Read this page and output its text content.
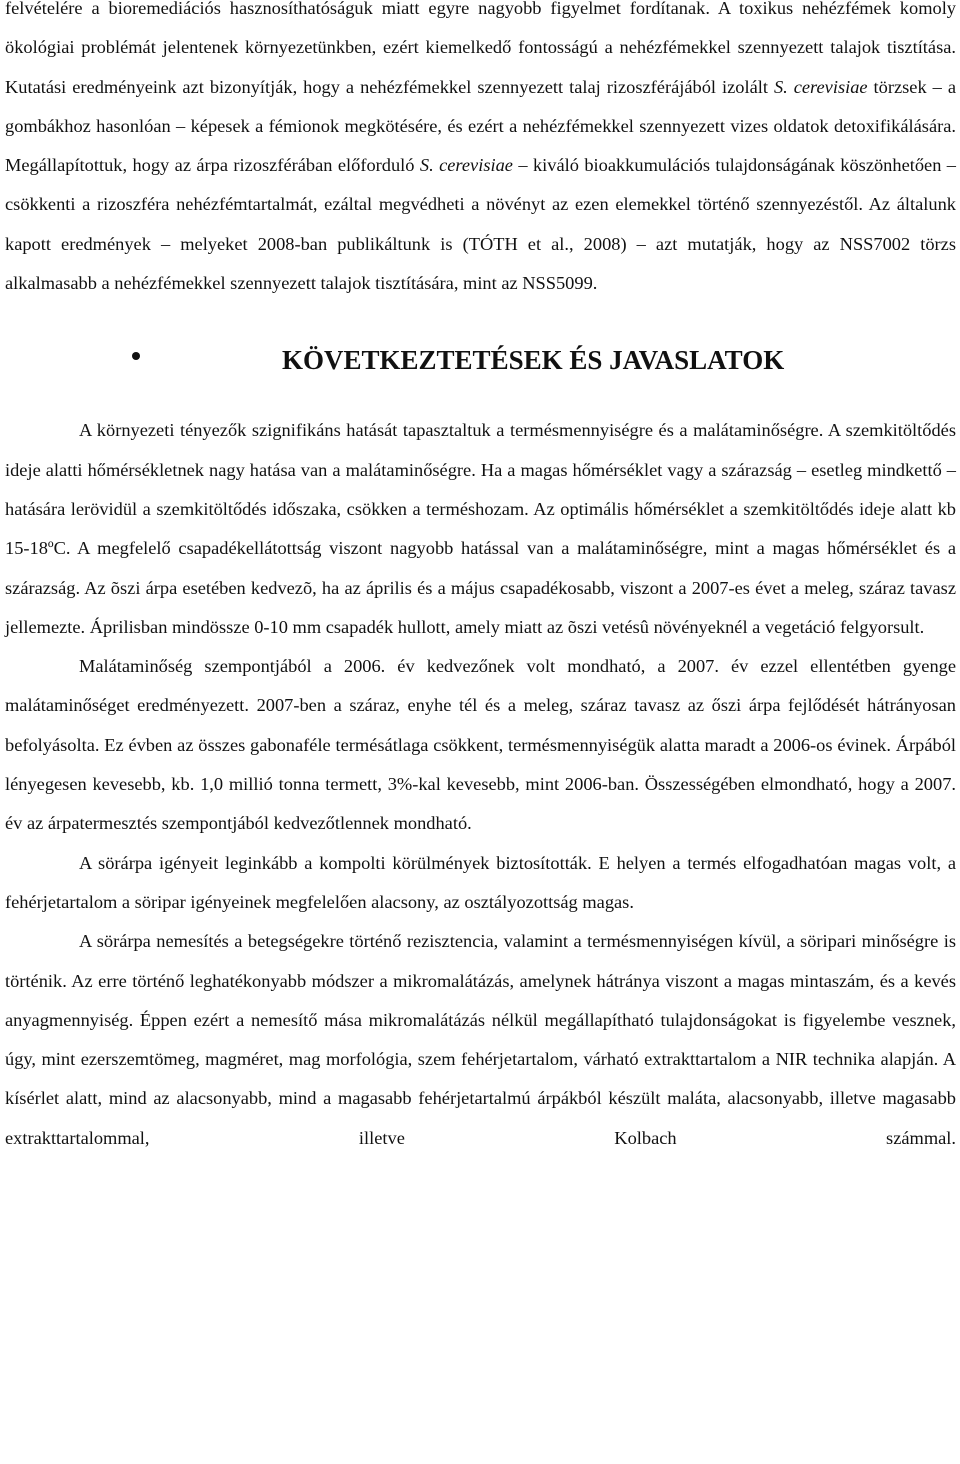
felvételére a bioremediációs hasznosíthatóságuk miatt egyre nagyobb figyelmet fordítanak. A toxikus nehézfémek komoly ökológiai problémát jelentenek környezetünkben, ezért kiemelkedő fontosságú a nehézfémekkel szennyezett talajok tisztítása. Kutatási eredményeink azt bizonyítják, hogy a nehézfémekkel szennyezett talaj rizoszférájából izolált S. cerevisiae törzsek – a gombákhoz hasonlóan – képesek a fémionok megkötésére, és ezért a nehézfémekkel szennyezett vizes oldatok detoxifikálására. Megállapítottuk, hogy az árpa rizoszférában előforduló S. cerevisiae – kiváló bioakkumulációs tulajdonságának köszönhetően – csökkenti a rizoszféra nehézfémtartalmát, ezáltal megvédheti a növényt az ezen elemekkel történő szennyezéstől. Az általunk kapott eredmények – melyeket 2008-ban publikáltunk is (TÓTH et al., 2008) – azt mutatják, hogy az NSS7002 törzs alkalmasabb a nehézfémekkel szennyezett talajok tisztítására, mint az NSS5099.

KÖVETKEZTETÉSEK ÉS JAVASLATOK

A környezeti tényezők szignifikáns hatását tapasztaltuk a termésmennyiségre és a malátaminőségre. A szemkitöltődés ideje alatti hőmérsékletnek nagy hatása van a malátaminőségre. Ha a magas hőmérséklet vagy a szárazság – esetleg mindkettő – hatására lerövidül a szemkitöltődés időszaka, csökken a terméshozam. Az optimális hőmérséklet a szemkitöltődés ideje alatt kb 15-18ºC. A megfelelő csapadékellátottság viszont nagyobb hatással van a malátaminőségre, mint a magas hőmérséklet és a szárazság. Az õszi árpa esetében kedvezõ, ha az április és a május csapadékosabb, viszont a 2007-es évet a meleg, száraz tavasz jellemezte. Áprilisban mindössze 0-10 mm csapadék hullott, amely miatt az õszi vetésû növényeknél a vegetáció felgyorsult.

Malátaminőség szempontjából a 2006. év kedvezőnek volt mondható, a 2007. év ezzel ellentétben gyenge malátaminőséget eredményezett. 2007-ben a száraz, enyhe tél és a meleg, száraz tavasz az őszi árpa fejlődését hátrányosan befolyásolta. Ez évben az összes gabonaféle termésátlaga csökkent, termésmennyiségük alatta maradt a 2006-os évinek. Árpából lényegesen kevesebb, kb. 1,0 millió tonna termett, 3%-kal kevesebb, mint 2006-ban. Összességében elmondható, hogy a 2007. év az árpatermesztés szempontjából kedvezőtlennek mondható.

A sörárpa igényeit leginkább a kompolti körülmények biztosították. E helyen a termés elfogadhatóan magas volt, a fehérjetartalom a söripar igényeinek megfelelően alacsony, az osztályozottság magas.

A sörárpa nemesítés a betegségekre történő rezisztencia, valamint a termésmennyiségen kívül, a söripari minőségre is történik. Az erre történő leghatékonyabb módszer a mikromalátázás, amelynek hátránya viszont a magas mintaszám, és a kevés anyagmennyiség. Éppen ezért a nemesítő mása mikromalátázás nélkül megállapítható tulajdonságokat is figyelembe vesznek, úgy, mint ezerszemtömeg, magméret, mag morfológia, szem fehérjetartalom, várható extrakttartalom a NIR technika alapján. A kísérlet alatt, mind az alacsonyabb, mind a magasabb fehérjetartalmú árpákból készült maláta, alacsonyabb, illetve magasabb extrakttartalommal, illetve Kolbach számmal.
